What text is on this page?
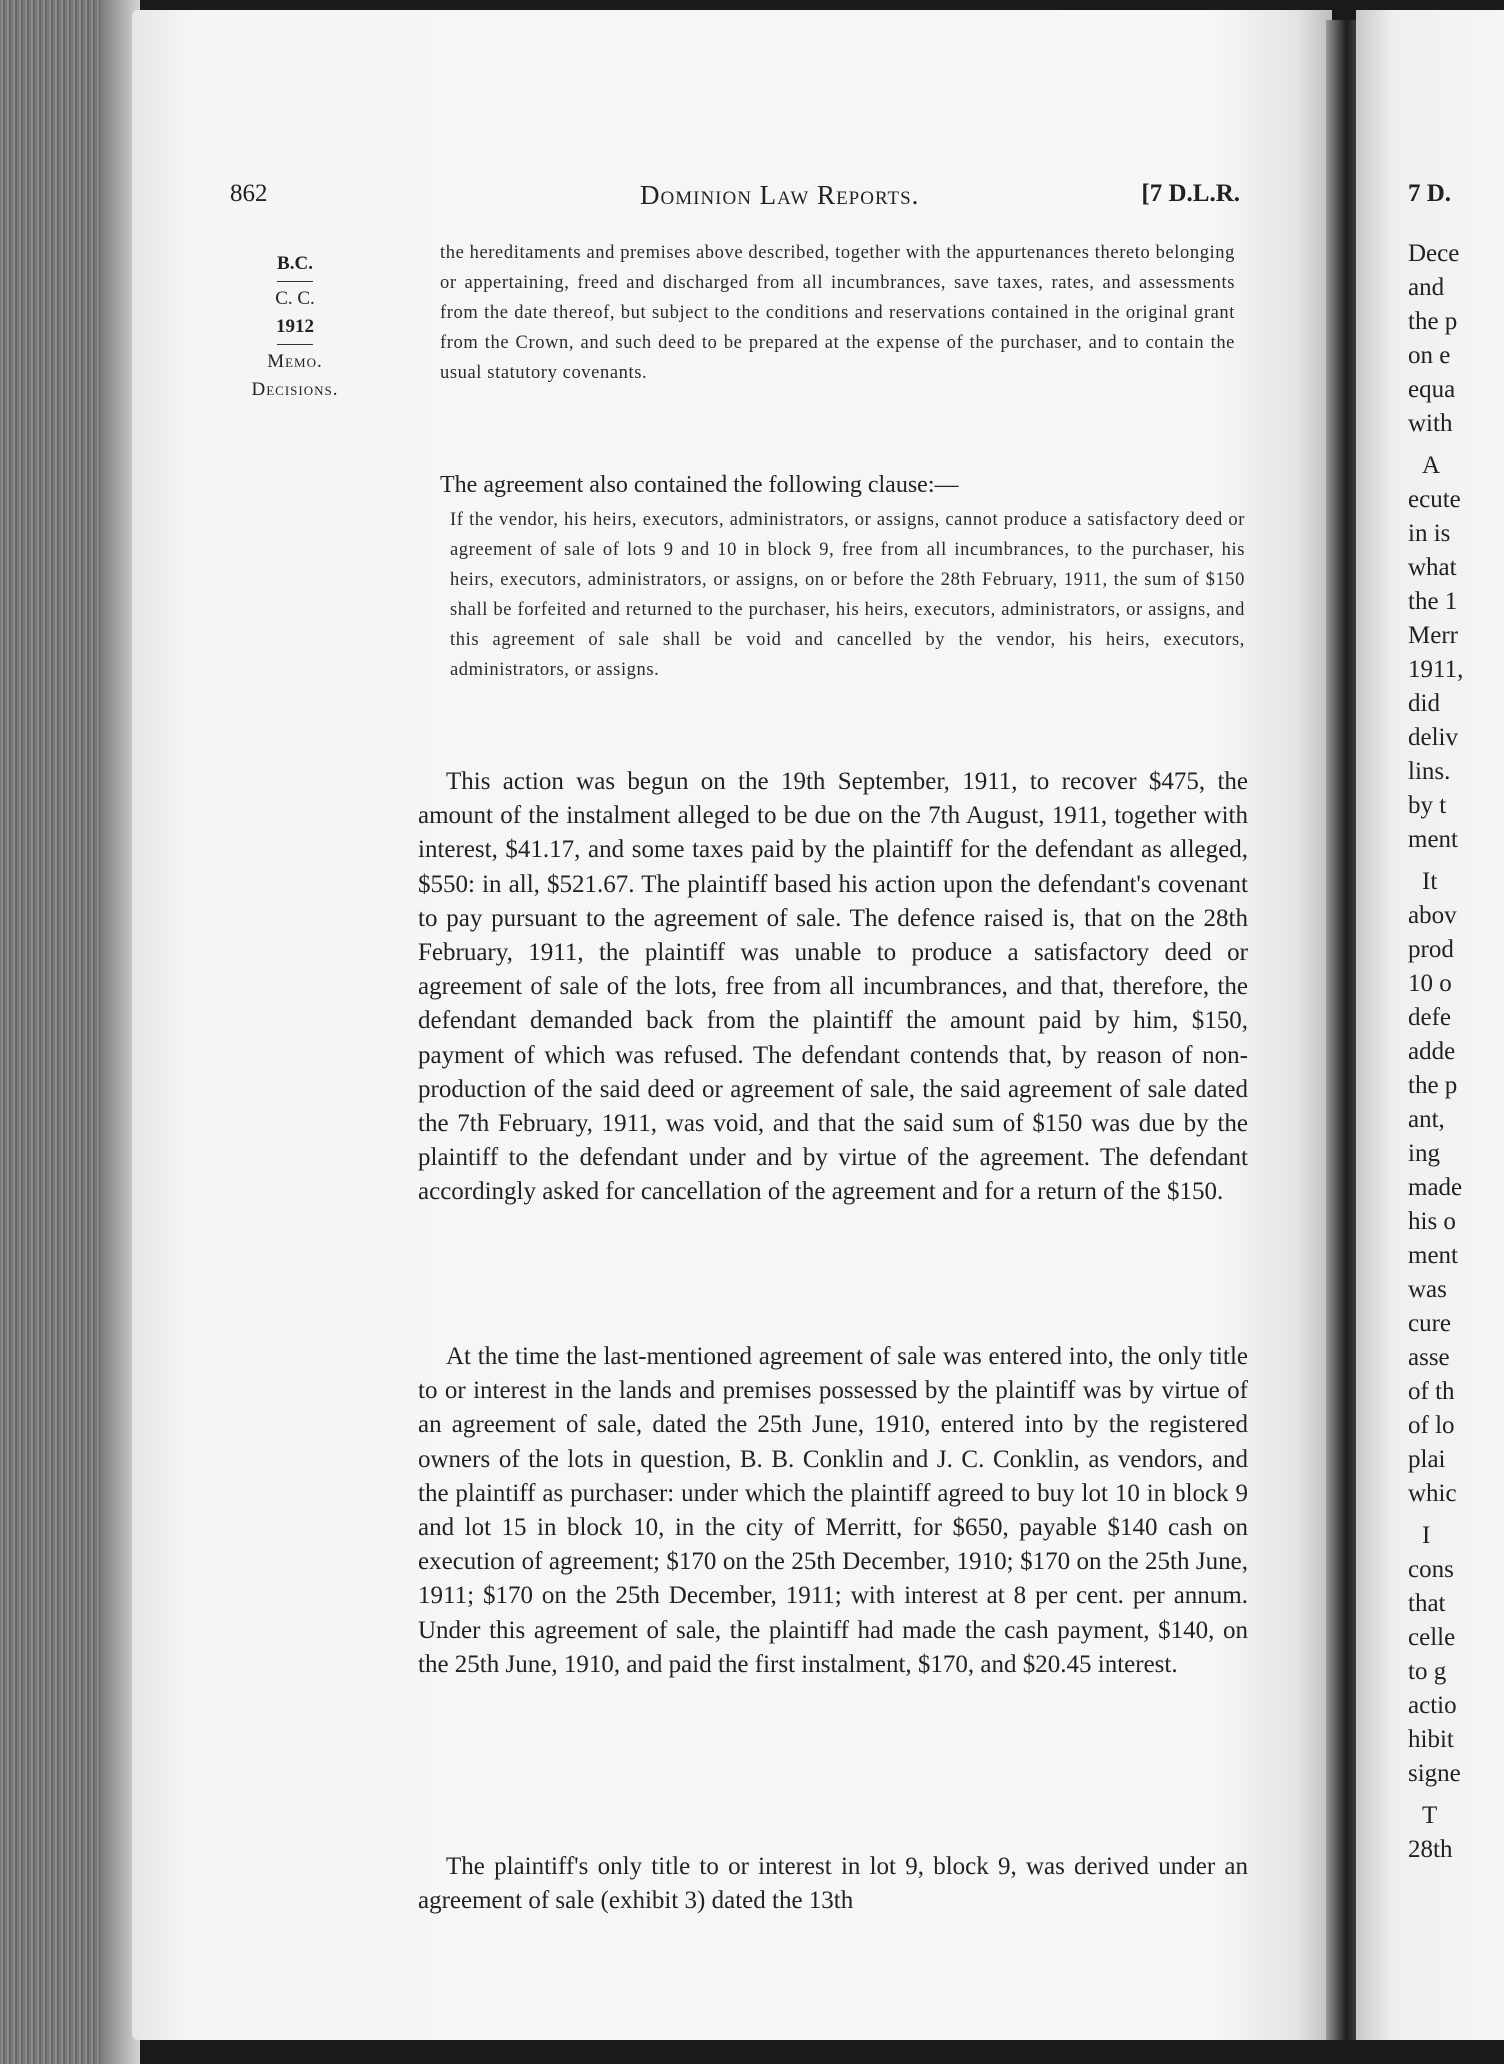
862	Dominion Law Reports.	[7 D.L.R.
B.C.
C. C.
1912
Memo.
Decisions.
the hereditaments and premises above described, together with the appurtenances thereto belonging or appertaining, freed and discharged from all incumbrances, save taxes, rates, and assessments from the date thereof, but subject to the conditions and reservations contained in the original grant from the Crown, and such deed to be prepared at the expense of the purchaser, and to contain the usual statutory covenants.
The agreement also contained the following clause:—
If the vendor, his heirs, executors, administrators, or assigns, cannot produce a satisfactory deed or agreement of sale of lots 9 and 10 in block 9, free from all incumbrances, to the purchaser, his heirs, executors, administrators, or assigns, on or before the 28th February, 1911, the sum of $150 shall be forfeited and returned to the purchaser, his heirs, executors, administrators, or assigns, and this agreement of sale shall be void and cancelled by the vendor, his heirs, executors, administrators, or assigns.
This action was begun on the 19th September, 1911, to recover $475, the amount of the instalment alleged to be due on the 7th August, 1911, together with interest, $41.17, and some taxes paid by the plaintiff for the defendant as alleged, $550: in all, $521.67. The plaintiff based his action upon the defendant's covenant to pay pursuant to the agreement of sale. The defence raised is, that on the 28th February, 1911, the plaintiff was unable to produce a satisfactory deed or agreement of sale of the lots, free from all incumbrances, and that, therefore, the defendant demanded back from the plaintiff the amount paid by him, $150, payment of which was refused. The defendant contends that, by reason of non-production of the said deed or agreement of sale, the said agreement of sale dated the 7th February, 1911, was void, and that the said sum of $150 was due by the plaintiff to the defendant under and by virtue of the agreement. The defendant accordingly asked for cancellation of the agreement and for a return of the $150.
At the time the last-mentioned agreement of sale was entered into, the only title to or interest in the lands and premises possessed by the plaintiff was by virtue of an agreement of sale, dated the 25th June, 1910, entered into by the registered owners of the lots in question, B. B. Conklin and J. C. Conklin, as vendors, and the plaintiff as purchaser: under which the plaintiff agreed to buy lot 10 in block 9 and lot 15 in block 10, in the city of Merritt, for $650, payable $140 cash on execution of agreement; $170 on the 25th December, 1910; $170 on the 25th June, 1911; $170 on the 25th December, 1911; with interest at 8 per cent. per annum. Under this agreement of sale, the plaintiff had made the cash payment, $140, on the 25th June, 1910, and paid the first instalment, $170, and $20.45 interest.
The plaintiff's only title to or interest in lot 9, block 9, was derived under an agreement of sale (exhibit 3) dated the 13th
7 D.
Dece
and
the p
on e
equa
with
A
ecute
in is
what
the 1
Merr
1911,
did
deliv
lins.
by t
ment
It
abov
prod
10 o
defe
adde
the p
ant,
ing
made
his o
ment
was
cure
asse
of th
of lo
plai
whic
I
cons
that
celle
to g
actio
hibit
signe
T
28th
